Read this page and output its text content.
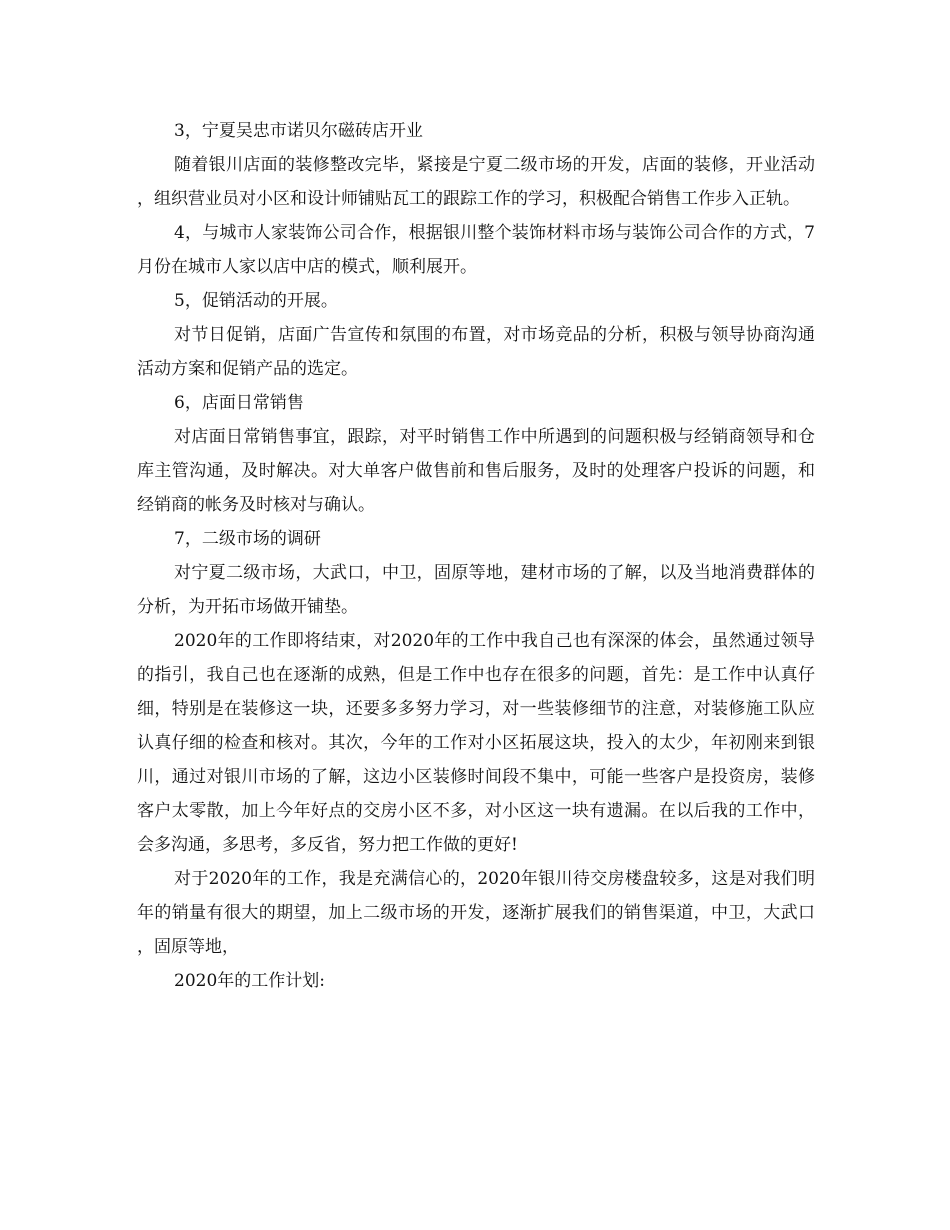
3，宁夏吴忠市诺贝尔磁砖店开业

随着银川店面的装修整改完毕，紧接是宁夏二级市场的开发，店面的装修，开业活动，组织营业员对小区和设计师铺贴瓦工的跟踪工作的学习，积极配合销售工作步入正轨。

4，与城市人家装饰公司合作，根据银川整个装饰材料市场与装饰公司合作的方式，7月份在城市人家以店中店的模式，顺利展开。

5，促销活动的开展。

对节日促销，店面广告宣传和氛围的布置，对市场竞品的分析，积极与领导协商沟通活动方案和促销产品的选定。

6，店面日常销售

对店面日常销售事宜，跟踪，对平时销售工作中所遇到的问题积极与经销商领导和仓库主管沟通，及时解决。对大单客户做售前和售后服务，及时的处理客户投诉的问题，和经销商的帐务及时核对与确认。

7，二级市场的调研

对宁夏二级市场，大武口，中卫，固原等地，建材市场的了解，以及当地消费群体的分析，为开拓市场做开铺垫。

2020年的工作即将结束，对2020年的工作中我自己也有深深的体会，虽然通过领导的指引，我自己也在逐渐的成熟，但是工作中也存在很多的问题，首先：是工作中认真仔细，特别是在装修这一块，还要多多努力学习，对一些装修细节的注意，对装修施工队应认真仔细的检查和核对。其次，今年的工作对小区拓展这块，投入的太少，年初刚来到银川，通过对银川市场的了解，这边小区装修时间段不集中，可能一些客户是投资房，装修客户太零散，加上今年好点的交房小区不多，对小区这一块有遗漏。在以后我的工作中，会多沟通，多思考，多反省，努力把工作做的更好!

对于2020年的工作，我是充满信心的，2020年银川待交房楼盘较多，这是对我们明年的销量有很大的期望，加上二级市场的开发，逐渐扩展我们的销售渠道，中卫，大武口，固原等地，

2020年的工作计划:
